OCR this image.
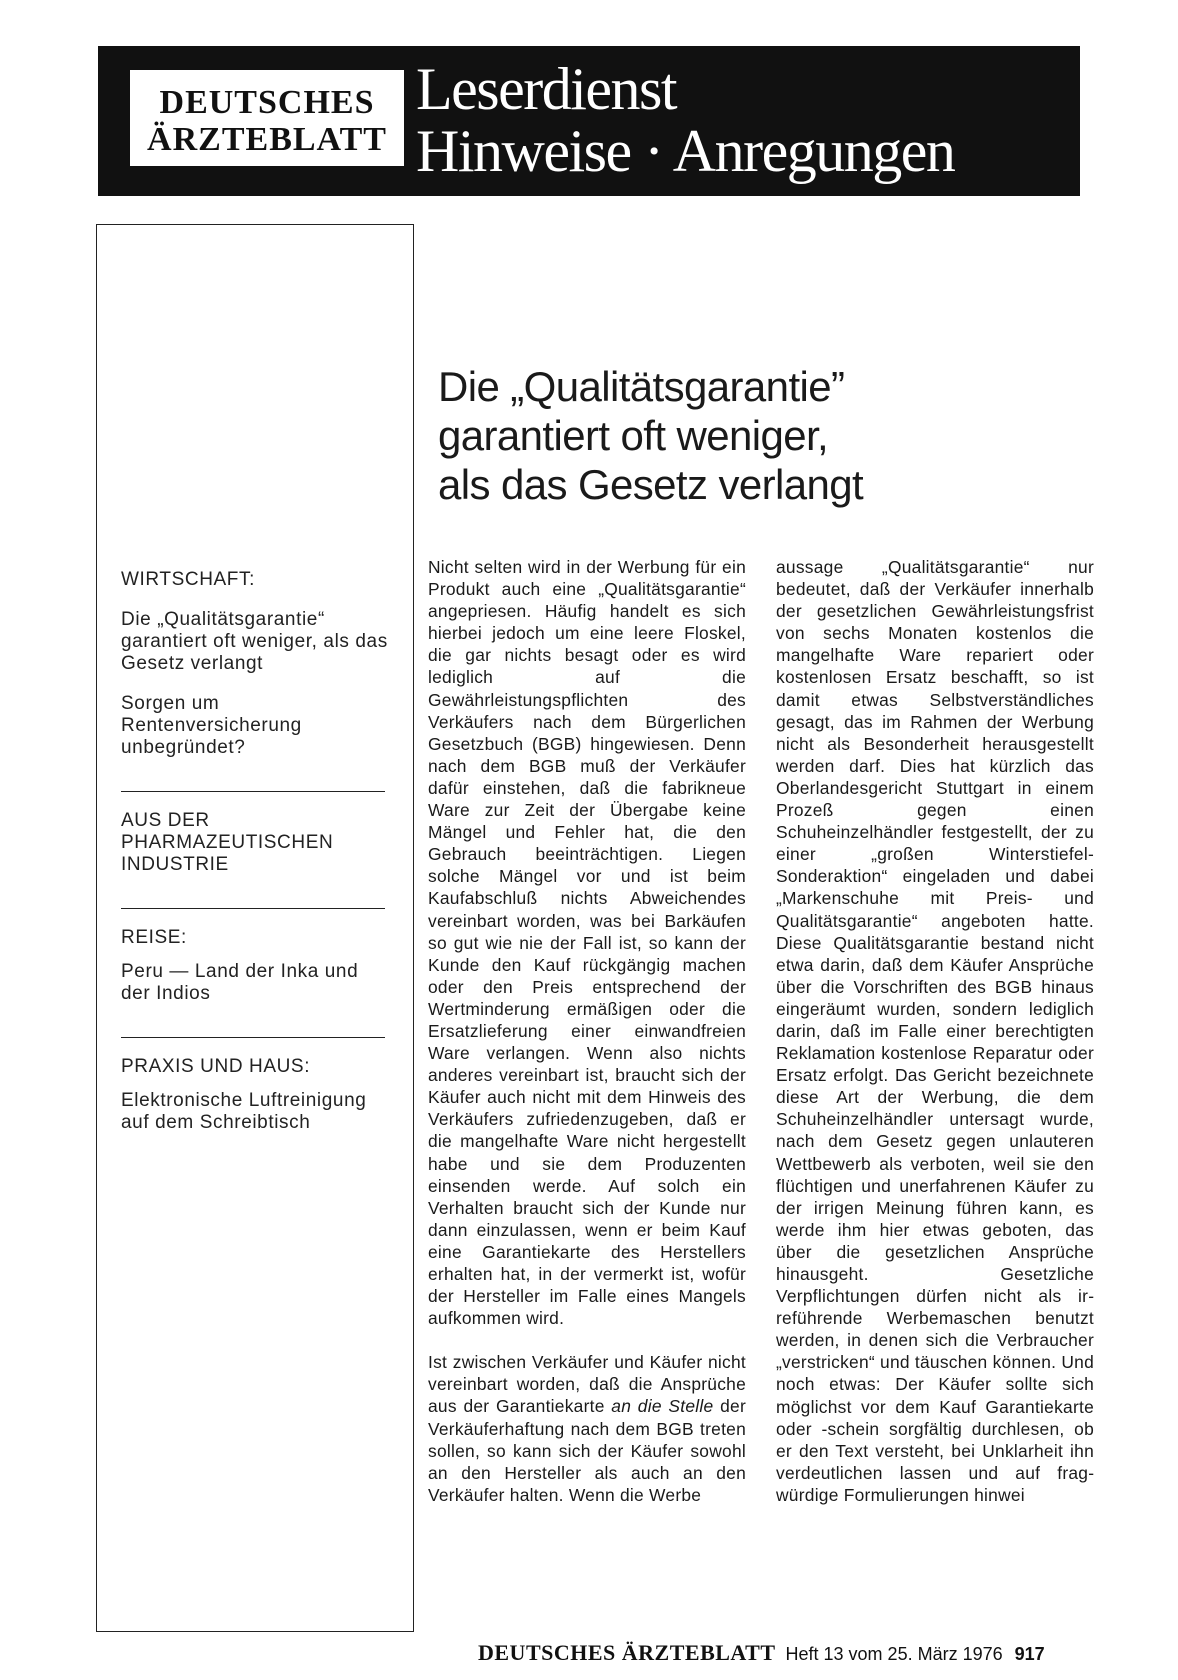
DEUTSCHES
ÄRZTEBLATT
Leserdienst
Hinweise · Anregungen
WIRTSCHAFT:
Die „Qualitätsgarantie“ garantiert oft weniger, als das Gesetz verlangt
Sorgen um Rentenversicherung unbegründet?
AUS DER PHARMAZEUTISCHEN INDUSTRIE
REISE:
Peru — Land der Inka und der Indios
PRAXIS UND HAUS:
Elektronische Luftreinigung auf dem Schreibtisch
Die „Qualitätsgarantie”
garantiert oft weniger,
als das Gesetz verlangt

Nicht selten wird in der Werbung für ein Produkt auch eine „Qualitätsgarantie“ angepriesen. Häufig handelt es sich hierbei jedoch um eine leere Floskel, die gar nichts besagt oder es wird lediglich auf die Gewährleistungspflichten des Verkäufers nach dem Bürgerlichen Gesetzbuch (BGB) hingewiesen. Denn nach dem BGB muß der Verkäufer dafür einstehen, daß die fabrikneue Ware zur Zeit der Übergabe keine Mängel und Fehler hat, die den Gebrauch beeinträchtigen. Liegen solche Mängel vor und ist beim Kaufabschluß nichts Abweichendes vereinbart worden, was bei Barkäufen so gut wie nie der Fall ist, so kann der Kunde den Kauf rückgängig machen oder den Preis entsprechend der Wertminderung ermäßigen oder die Ersatzlieferung einer einwandfreien Ware verlangen. Wenn also nichts anderes vereinbart ist, braucht sich der Käufer auch nicht mit dem Hinweis des Verkäufers zufriedenzugeben, daß er die mangelhafte Ware nicht hergestellt habe und sie dem Produzenten einsenden werde. Auf solch ein Verhalten braucht sich der Kunde nur dann einzulassen, wenn er beim Kauf eine Garantiekarte des Herstellers erhalten hat, in der vermerkt ist, wofür der Hersteller im Falle eines Mangels aufkommen wird.

Ist zwischen Verkäufer und Käufer nicht vereinbart worden, daß die Ansprüche aus der Garantiekarte an die Stelle der Verkäuferhaftung nach dem BGB treten sollen, so kann sich der Käufer sowohl an den Hersteller als auch an den Verkäufer halten. Wenn die Werbe

aussage „Qualitätsgarantie“ nur bedeutet, daß der Verkäufer innerhalb der gesetzlichen Gewährleistungsfrist von sechs Monaten kostenlos die mangelhafte Ware repariert oder kostenlosen Ersatz beschafft, so ist damit etwas Selbstverständliches gesagt, das im Rahmen der Werbung nicht als Besonderheit herausgestellt werden darf. Dies hat kürzlich das Oberlandesgericht Stuttgart in einem Prozeß gegen einen Schuheinzelhändler festgestellt, der zu einer „großen Winterstiefel-Sonderaktion“ eingeladen und dabei „Markenschuhe mit Preis- und Qualitätsgarantie“ angeboten hatte. Diese Qualitätsgarantie bestand nicht etwa darin, daß dem Käufer Ansprüche über die Vorschriften des BGB hinaus eingeräumt wurden, sondern lediglich darin, daß im Falle einer berechtigten Reklamation kostenlose Reparatur oder Ersatz erfolgt. Das Gericht bezeichnete diese Art der Werbung, die dem Schuheinzelhändler untersagt wurde, nach dem Gesetz gegen unlauteren Wettbewerb als verboten, weil sie den flüchtigen und unerfahrenen Käufer zu der irrigen Meinung führen kann, es werde ihm hier etwas geboten, das über die gesetzlichen Ansprüche hinausgeht. Gesetzliche Verpflichtungen dürfen nicht als irreführende Werbemaschen benutzt werden, in denen sich die Verbraucher „verstricken“ und täuschen können. Und noch etwas: Der Käufer sollte sich möglichst vor dem Kauf Garantiekarte oder -schein sorgfältig durchlesen, ob er den Text versteht, bei Unklarheit ihn verdeutlichen lassen und auf fragwürdige Formulierungen hinwei

DEUTSCHES ÄRZTEBLATT Heft 13 vom 25. März 1976 917
